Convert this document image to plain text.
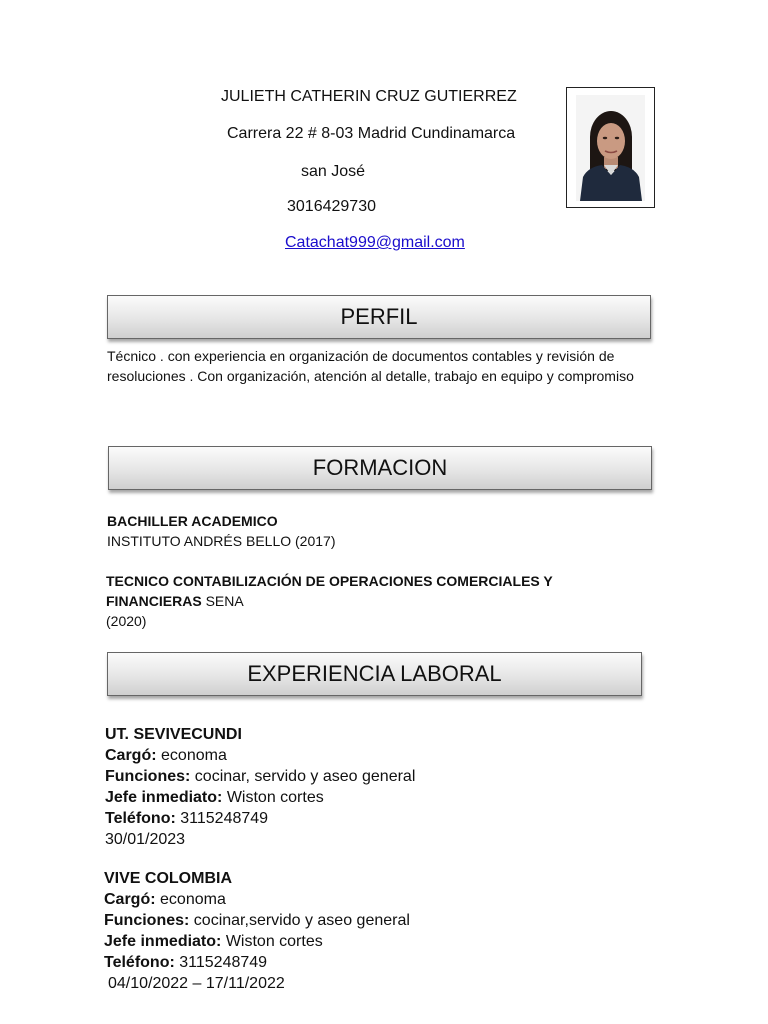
JULIETH CATHERIN CRUZ GUTIERREZ
Carrera 22 # 8-03 Madrid Cundinamarca
san José
3016429730
Catachat999@gmail.com
PERFIL
Técnico . con experiencia en organización de documentos contables y revisión de resoluciones . Con organización, atención al detalle, trabajo en equipo y compromiso
FORMACION
BACHILLER ACADEMICO
INSTITUTO ANDRÉS BELLO (2017)
TECNICO CONTABILIZACIÓN DE OPERACIONES COMERCIALES Y FINANCIERAS SENA
(2020)
EXPERIENCIA LABORAL
UT. SEVIVECUNDI
Cargó: economa
Funciones: cocinar, servido y aseo general
Jefe inmediato: Wiston cortes
Teléfono: 3115248749
30/01/2023
VIVE COLOMBIA
Cargó: economa
Funciones: cocinar,servido y aseo general
Jefe inmediato: Wiston cortes
Teléfono: 3115248749
04/10/2022 – 17/11/2022
